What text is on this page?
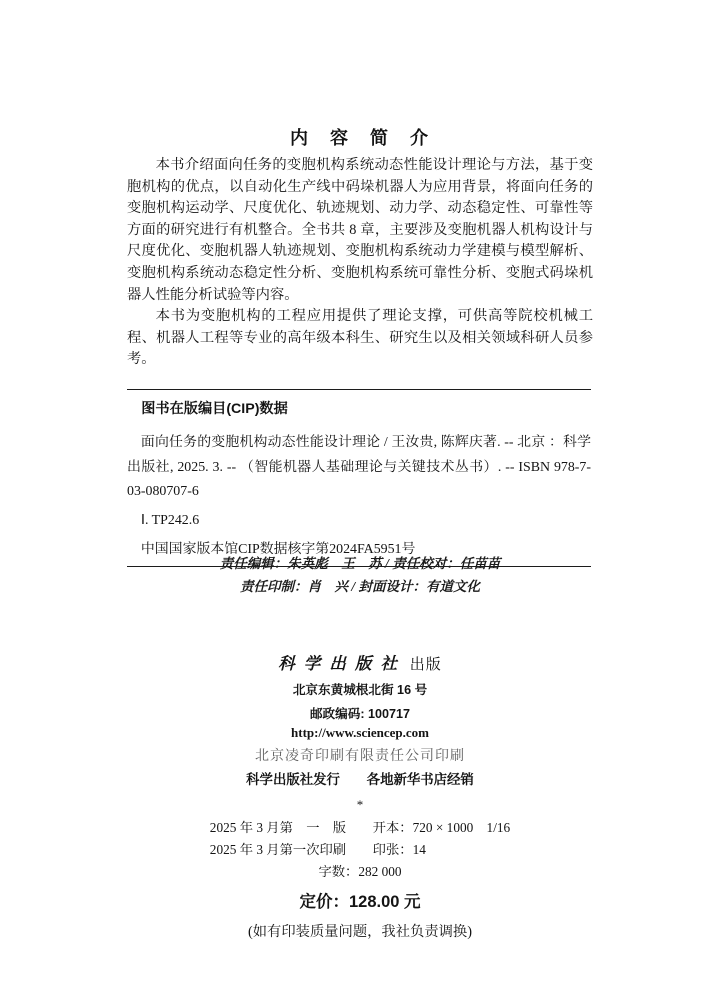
内　容　简　介

本书介绍面向任务的变胞机构系统动态性能设计理论与方法，基于变胞机构的优点，以自动化生产线中码垛机器人为应用背景，将面向任务的变胞机构运动学、尺度优化、轨迹规划、动力学、动态稳定性、可靠性等方面的研究进行有机整合。全书共 8 章，主要涉及变胞机器人机构设计与尺度优化、变胞机器人轨迹规划、变胞机构系统动力学建模与模型解析、变胞机构系统动态稳定性分析、变胞机构系统可靠性分析、变胞式码垛机器人性能分析试验等内容。

本书为变胞机构的工程应用提供了理论支撑，可供高等院校机械工程、机器人工程等专业的高年级本科生、研究生以及相关领域科研人员参考。

图书在版编目(CIP)数据
面向任务的变胞机构动态性能设计理论 / 王汝贵, 陈辉庆著. -- 北京 ：科学出版社, 2025. 3. -- （智能机器人基础理论与关键技术丛书）. -- ISBN 978-7-03-080707-6
Ⅰ. TP242.6
中国国家版本馆CIP数据核字第2024FA5951号
责任编辑：朱英彪　王　苏 / 责任校对：任苗苗
责任印制：肖　兴 / 封面设计：有道文化
科学出版社 出版
北京东黄城根北街 16 号
邮政编码: 100717
http://www.sciencep.com
北京凌奇印刷有限责任公司印刷
科学出版社发行　　各地新华书店经销
*
2025 年 3 月第　一　版　　开本：720 × 1000　1/16
2025 年 3 月第一次印刷　　印张：14
字数：282 000
定价：128.00 元
(如有印装质量问题，我社负责调换)
